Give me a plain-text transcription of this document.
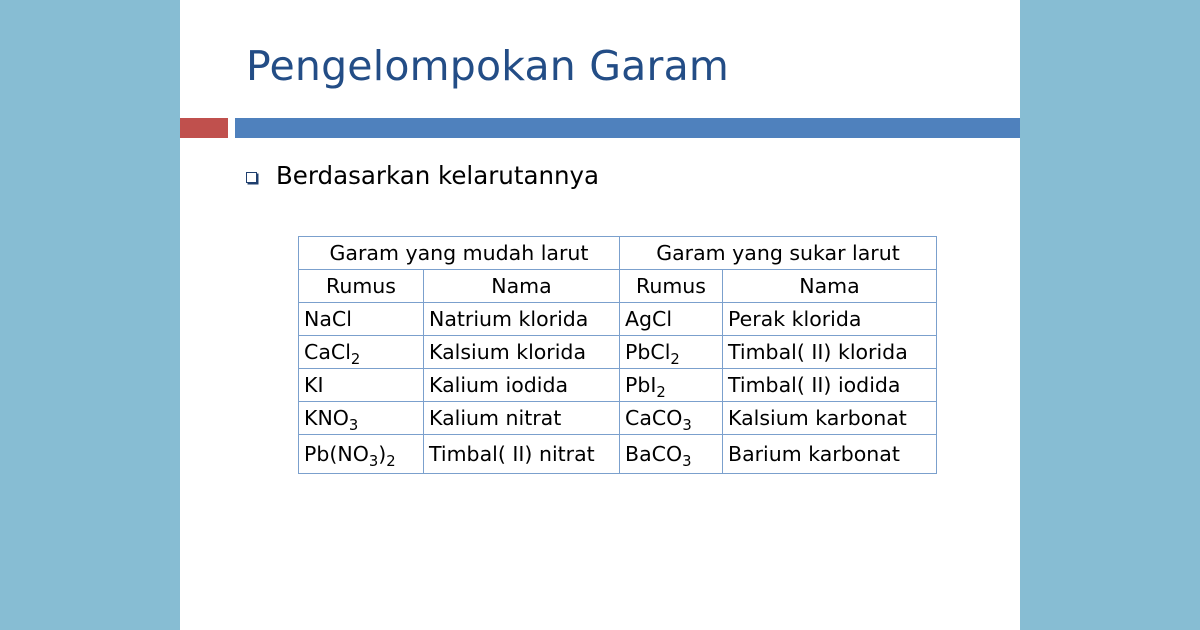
Pengelompokan Garam
Berdasarkan kelarutannya
Garam yang mudah larut		Garam yang sukar larut	
Rumus	Nama	Rumus	Nama
NaCl	Natrium klorida	AgCl	Perak klorida
CaCl$_2$	Kalsium klorida	PbCl$_2$	Timbal( II) klorida
KI	Kalium iodida	PbI$_2$	Timbal( II) iodida
$KNO_3$	Kalium nitrat	CaCO$_3$	Kalsium karbonat
$Pb(NO_3)_2$	Timbal( II) nitrat	BaCO$_3$	Barium karbonat
